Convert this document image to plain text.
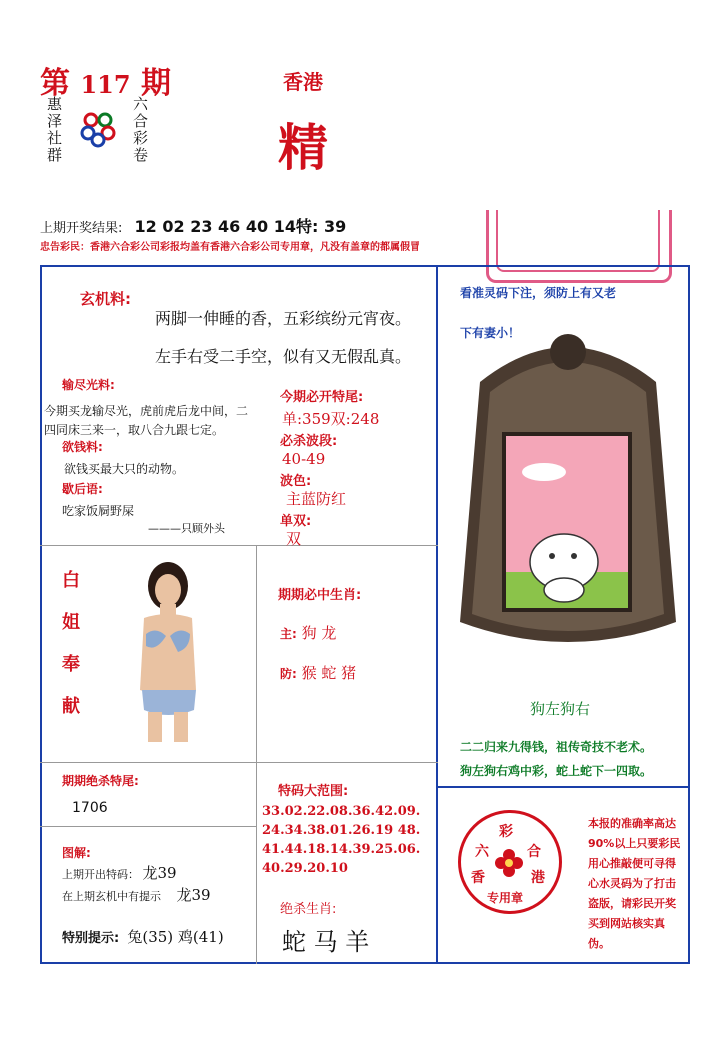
第 117 期
惠泽社群	六合彩卷
香港
精
上期开奖结果: 12 02 23 46 40 14特: 39
忠告彩民：香港六合彩公司彩报均盖有香港六合彩公司专用章，凡没有盖章的都属假冒
玄机料:
两脚一伸睡的香，五彩缤纷元宵夜。
左手右受二手空，似有又无假乱真。
输尽光料:
今期买龙输尽光，虎前虎后龙中间，二四同床三来一，取八合九跟七定。
欲钱料:
欲钱买最大只的动物。
歇后语:
吃家饭屙野屎
———只顾外头
今期必开特尾:
单:359双:248
必杀波段:
40-49
波色:
主蓝防红
单双:
双
白姐奉献
期期必中生肖:
主: 狗 龙
防: 猴 蛇 猪
期期绝杀特尾:
1706
特码大范围:
33.02.22.08.36.42.09.
24.34.38.01.26.19 48.
41.44.18.14.39.25.06.
40.29.20.10
图解:
上期开出特码： 龙39
在上期玄机中有提示 龙39
特别提示: 兔(35) 鸡(41)
绝杀生肖:
蛇 马 羊
看准灵码下注，须防上有又老
下有妻小！
狗左狗右
二二归来九得钱，祖传奇技不老术。
狗左狗右鸡中彩，蛇上蛇下一四取。
彩
六	合
香	港
专用章
本报的准确率高达90%以上只要彩民用心推敲便可寻得心水灵码为了打击盗版，请彩民开奖买到网站核实真伪。
